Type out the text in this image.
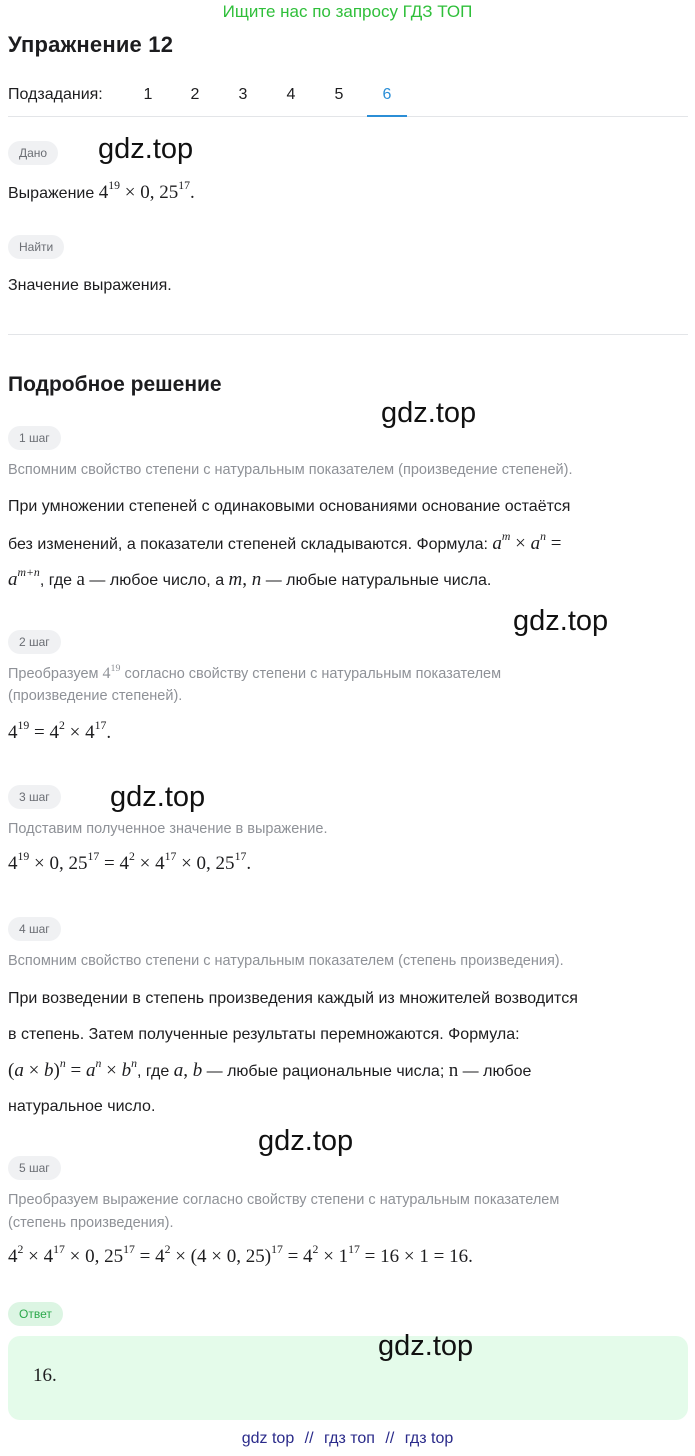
Ищите нас по запросу ГДЗ ТОП
Упражнение 12
Подзадания:	1	2	3	4	5	6
Дано	gdz.top
Выражение $4^{19} \times 0$, $25^{17}$.
Найти
Значение выражения.
Подробное решение
gdz.top
1 шаг
Вспомним свойство степени с натуральным показателем (произведение степеней).
При умножении степеней с одинаковыми основаниями основание остаётся
без изменений, а показатели степеней складываются. Формула: $a^m \times a^n$ =
$a^{m+n}$, где a — любое число, а m, n — любые натуральные числа.
gdz.top
2 шаг
Преобразуем $4^{19}$ согласно свойству степени с натуральным показателем
(произведение степеней).
$4^{19} = 4^2 \times 4^{17}$.
3 шаг	gdz.top
Подставим полученное значение в выражение.
$4^{19} \times 0$, $25^{17} = 4^2 \times 4^{17} \times 0$, $25^{17}$.
4 шаг
Вспомним свойство степени с натуральным показателем (степень произведения).
При возведении в степень произведения каждый из множителей возводится
в степень. Затем полученные результаты перемножаются. Формула:
$(a \times b)^n = a^n \times b^n$, где a, b — любые рациональные числа; n — любое
натуральное число.
gdz.top
5 шаг
Преобразуем выражение согласно свойству степени с натуральным показателем
(степень произведения).
$4^2 \times 4^{17} \times 0$, $25^{17} = 4^2 \times (4 \times 0$, $25)^{17} = 4^2 \times 1^{17} = 16 \times 1 = 16$.
Ответ
gdz.top
16.
gdz top // гдз топ // гдз top
